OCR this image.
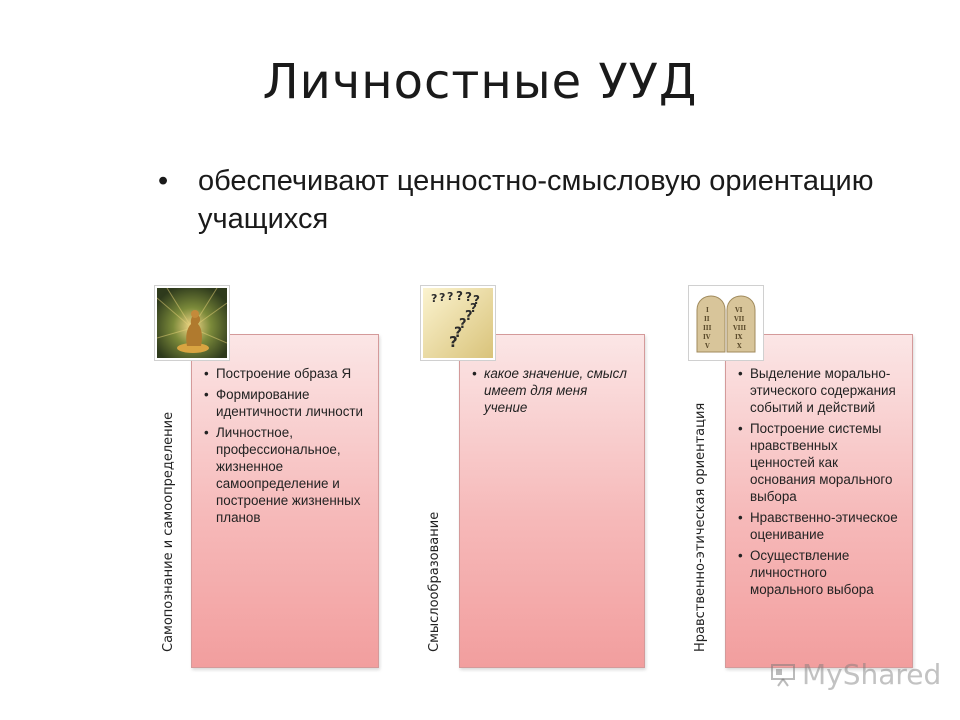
Личностные УУД
• обеспечивают ценностно-смысловую ориентацию учащихся
Самопознание и самоопределение
• Построение образа Я
• Формирование идентичности личности
• Личностное, профессиональное, жизненное самоопределение и построение жизненных планов	Смыслообразование
• какое значение, смысл имеет для меня учение
? ? ? ? ? ?
?
?
?
?
?
Нравственно-этическая ориентация
• Выделение морально-этического содержания событий и действий
• Построение системы нравственных ценностей как основания морального выбора
• Нравственно-этическое оценивание
• Осуществление личностного морального выбора
I
II
III
IV
V
VI
VII
VIII
IX
X
MyShared
